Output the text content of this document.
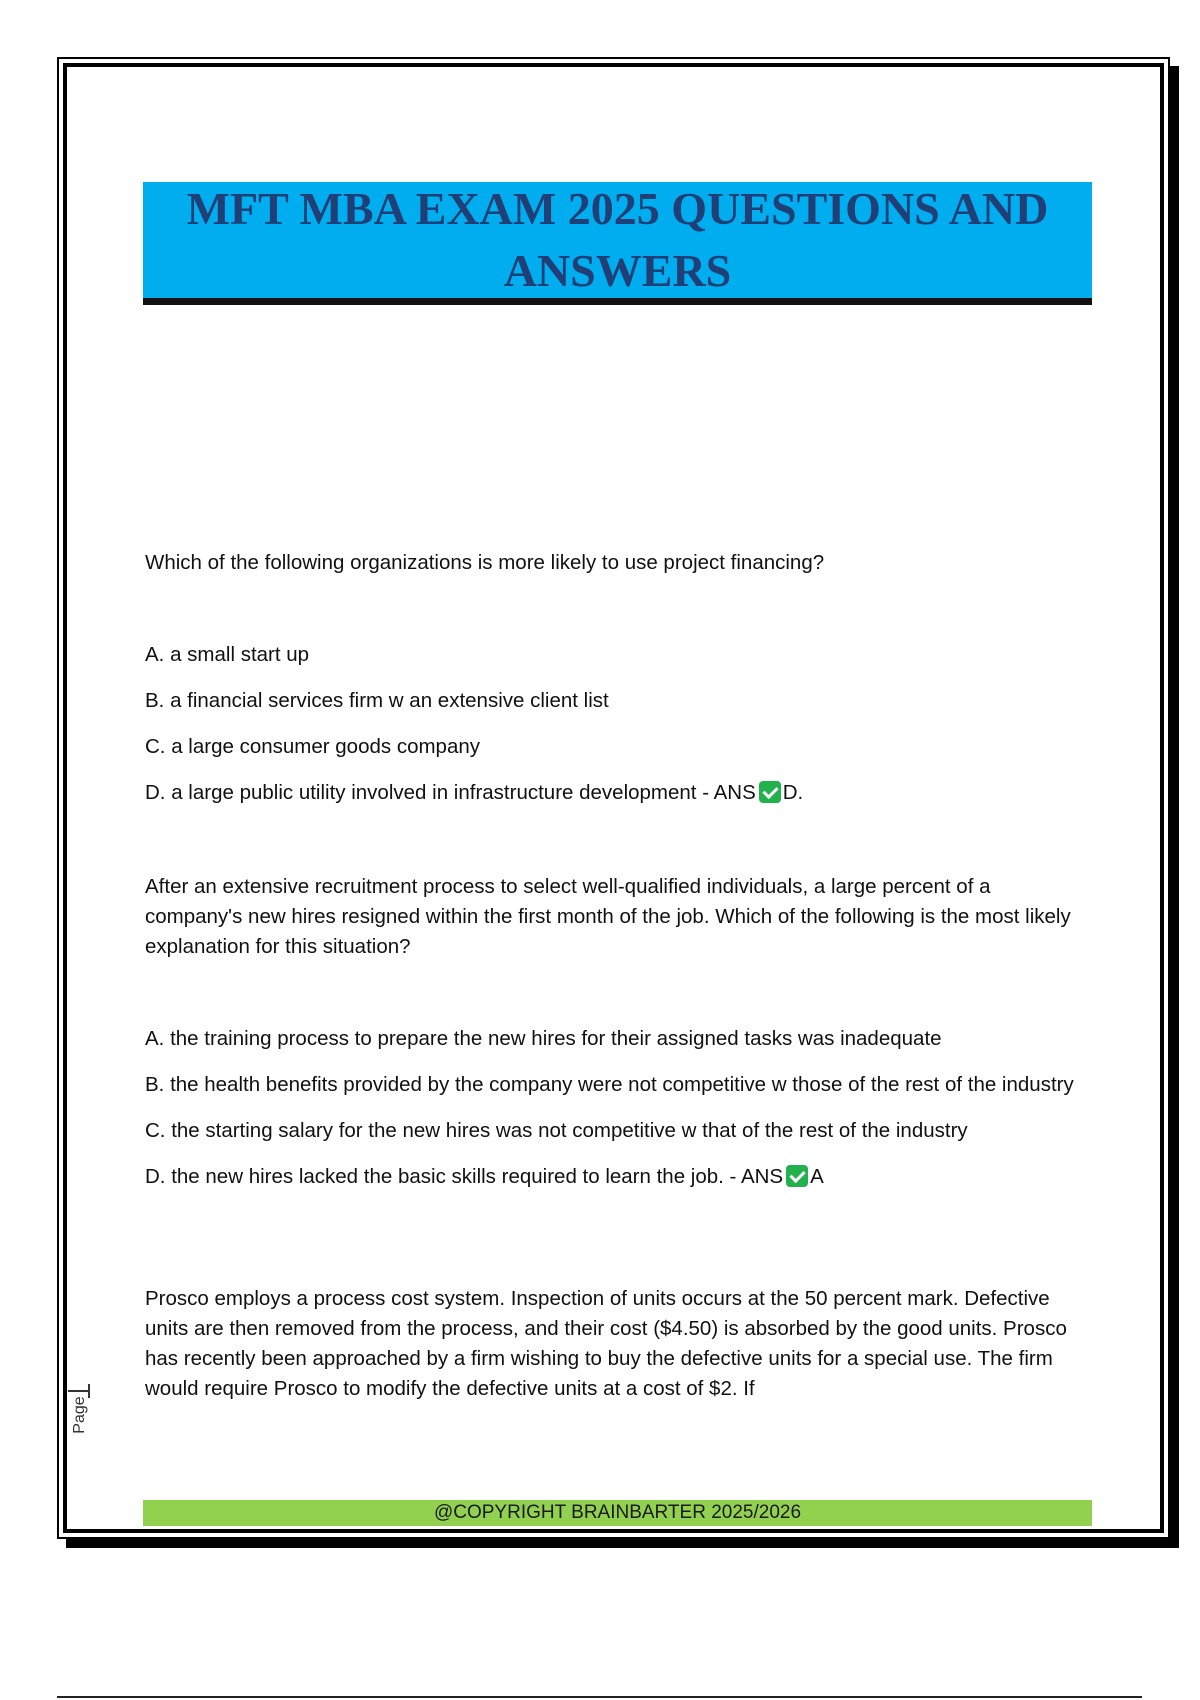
MFT MBA EXAM 2025 QUESTIONS AND ANSWERS

Which of the following organizations is more likely to use project financing?

A. a small start up
B. a financial services firm w an extensive client list
C. a large consumer goods company
D. a large public utility involved in infrastructure development - ANS D.

After an extensive recruitment process to select well-qualified individuals, a large percent of a company's new hires resigned within the first month of the job. Which of the following is the most likely explanation for this situation?

A. the training process to prepare the new hires for their assigned tasks was inadequate
B. the health benefits provided by the company were not competitive w those of the rest of the industry
C. the starting salary for the new hires was not competitive w that of the rest of the industry
D. the new hires lacked the basic skills required to learn the job. - ANS A

Prosco employs a process cost system. Inspection of units occurs at the 50 percent mark. Defective units are then removed from the process, and their cost ($4.50) is absorbed by the good units. Prosco has recently been approached by a firm wishing to buy the defective units for a special use. The firm would require Prosco to modify the defective units at a cost of $2. If

Page
@COPYRIGHT BRAINBARTER 2025/2026
